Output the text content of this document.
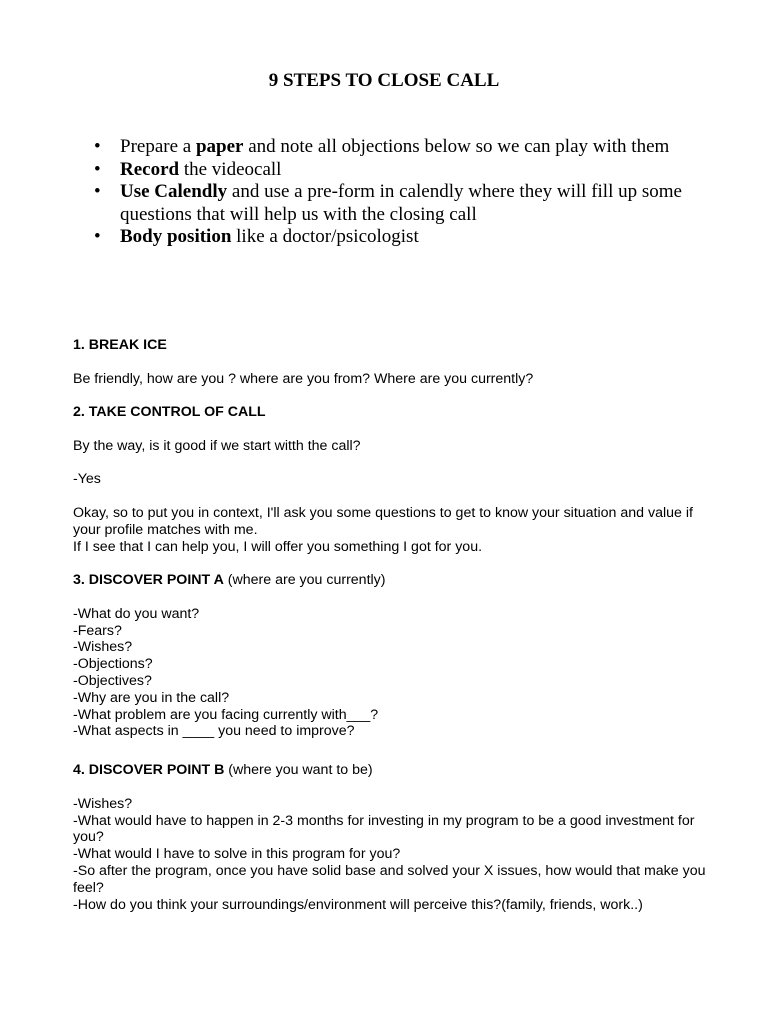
9 STEPS TO CLOSE CALL
• Prepare a paper and note all objections below so we can play with them
• Record the videocall
• Use Calendly and use a pre-form in calendly where they will fill up some questions that will help us with the closing call
• Body position like a doctor/psicologist
1. BREAK ICE
Be friendly, how are you ? where are you from? Where are you currently?
2. TAKE CONTROL OF CALL
By the way, is it good if we start witth the call?
-Yes
Okay, so to put you in context, I'll ask you some questions to get to know your situation and value if your profile matches with me.
If I see that I can help you, I will offer you something I got for you.
3. DISCOVER POINT A (where are you currently)
-What do you want?
-Fears?
-Wishes?
-Objections?
-Objectives?
-Why are you in the call?
-What problem are you facing currently with___?
-What aspects in ____ you need to improve?
4. DISCOVER POINT B (where you want to be)
-Wishes?
-What would have to happen in 2-3 months for investing in my program to be a good investment for you?
-What would I have to solve in this program for you?
-So after the program, once you have solid base and solved your X issues, how would that make you feel?
-How do you think your surroundings/environment will perceive this?(family, friends, work..)
